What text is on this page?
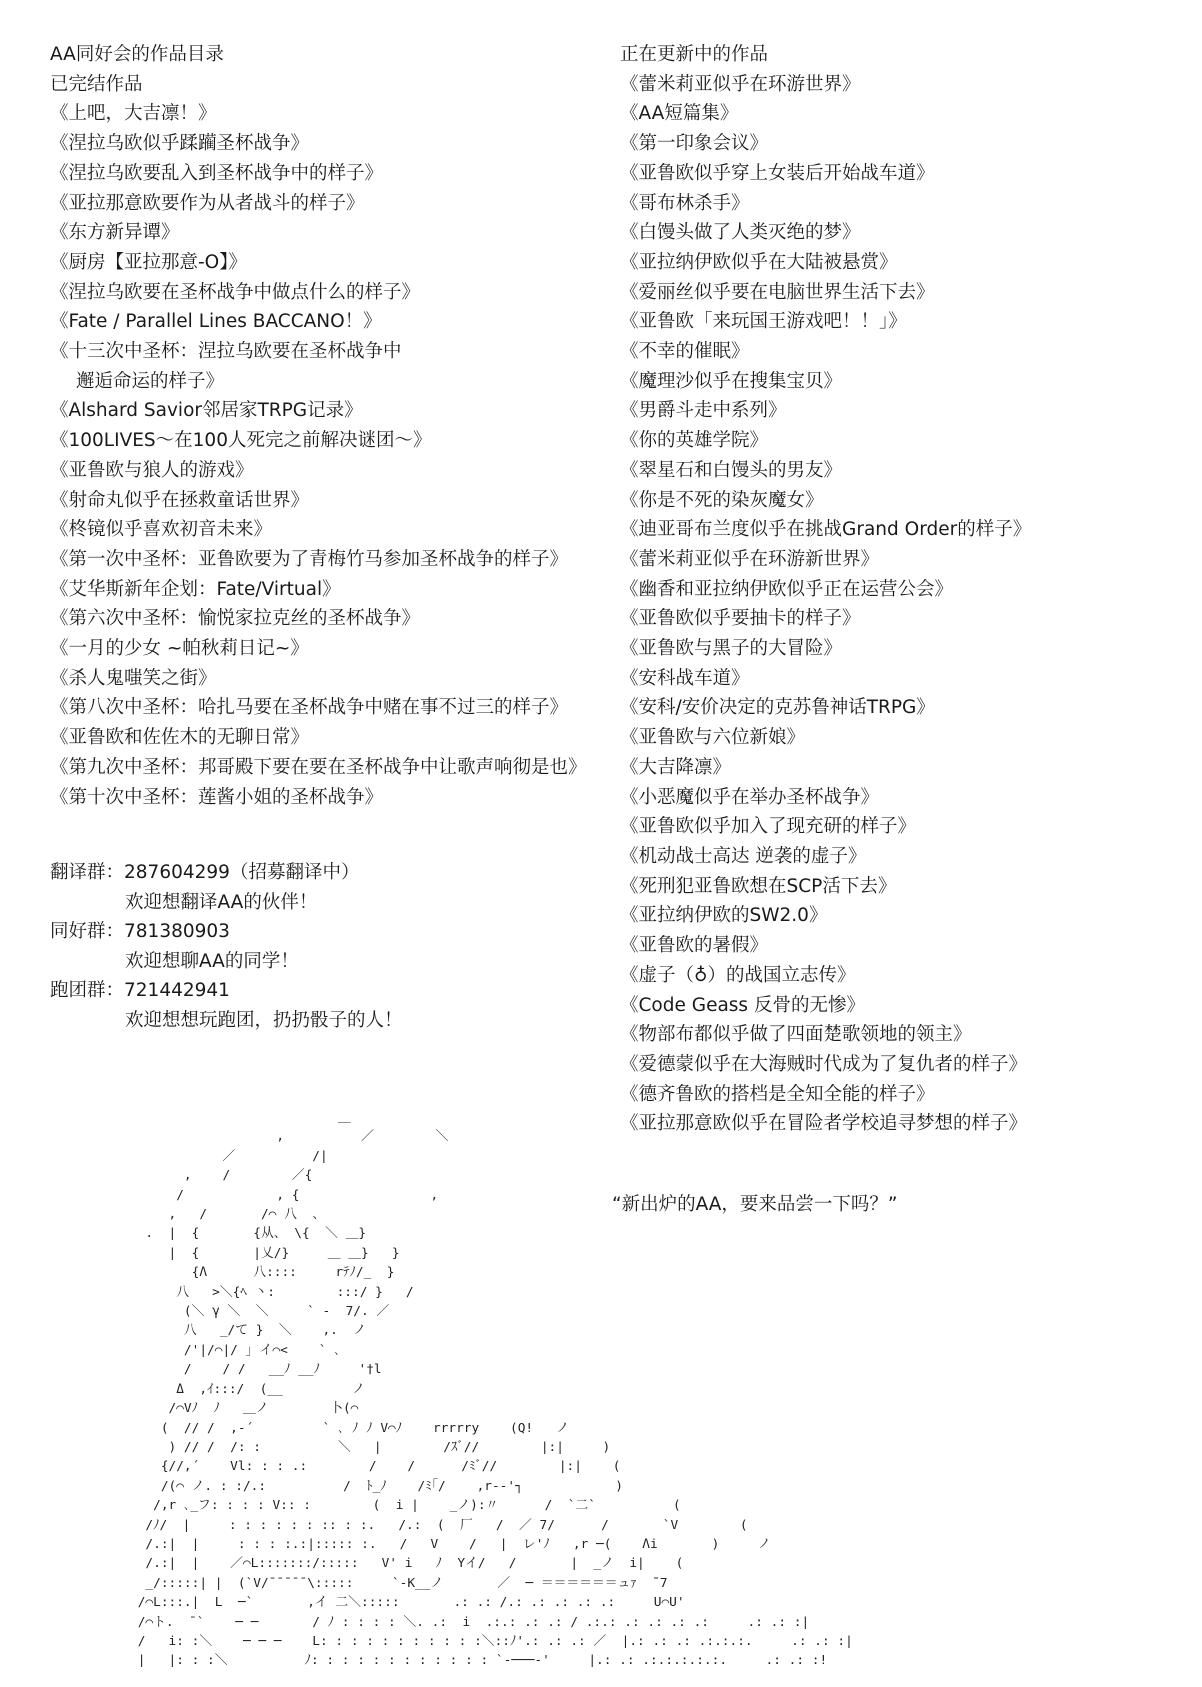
AA同好会的作品目录
已完结作品
《上吧，大吉凛！》
《涅拉乌欧似乎蹂躏圣杯战争》
《涅拉乌欧要乱入到圣杯战争中的样子》
《亚拉那意欧要作为从者战斗的样子》
《东方新异谭》
《厨房【亚拉那意-O】》
《涅拉乌欧要在圣杯战争中做点什么的样子》
《Fate / Parallel Lines BACCANO！》
《十三次中圣杯：涅拉乌欧要在圣杯战争中
邂逅命运的样子》
《Alshard Savior邻居家TRPG记录》
《100LIVES～在100人死完之前解决谜团～》
《亚鲁欧与狼人的游戏》
《射命丸似乎在拯救童话世界》
《柊镜似乎喜欢初音未来》
《第一次中圣杯：亚鲁欧要为了青梅竹马参加圣杯战争的样子》
《艾华斯新年企划：Fate/Virtual》
《第六次中圣杯：愉悦家拉克丝的圣杯战争》
《一月的少女 ~帕秋莉日记~》
《杀人鬼嗤笑之街》
《第八次中圣杯：哈扎马要在圣杯战争中赌在事不过三的样子》
《亚鲁欧和佐佐木的无聊日常》
《第九次中圣杯：邦哥殿下要在要在圣杯战争中让歌声响彻是也》
《第十次中圣杯：莲酱小姐的圣杯战争》
正在更新中的作品
《蕾米莉亚似乎在环游世界》
《AA短篇集》
《第一印象会议》
《亚鲁欧似乎穿上女装后开始战车道》
《哥布林杀手》
《白馒头做了人类灭绝的梦》
《亚拉纳伊欧似乎在大陆被悬赏》
《爱丽丝似乎要在电脑世界生活下去》
《亚鲁欧「来玩国王游戏吧！！」》
《不幸的催眠》
《魔理沙似乎在搜集宝贝》
《男爵斗走中系列》
《你的英雄学院》
《翠星石和白馒头的男友》
《你是不死的染灰魔女》
《迪亚哥布兰度似乎在挑战Grand Order的样子》
《蕾米莉亚似乎在环游新世界》
《幽香和亚拉纳伊欧似乎正在运营公会》
《亚鲁欧似乎要抽卡的样子》
《亚鲁欧与黑子的大冒险》
《安科战车道》
《安科/安价决定的克苏鲁神话TRPG》
《亚鲁欧与六位新娘》
《大吉降凛》
《小恶魔似乎在举办圣杯战争》
《亚鲁欧似乎加入了现充研的样子》
《机动战士高达 逆袭的虚子》
《死刑犯亚鲁欧想在SCP活下去》
《亚拉纳伊欧的SW2.0》
《亚鲁欧的暑假》
《虚子（♁）的战国立志传》
《Code Geass 反骨的无惨》
《物部布都似乎做了四面楚歌领地的领主》
《爱德蒙似乎在大海贼时代成为了复仇者的样子》
《德齐鲁欧的搭档是全知全能的样子》
《亚拉那意欧似乎在冒险者学校追寻梦想的样子》
翻译群：287604299（招募翻译中）
欢迎想翻译AA的伙伴！
同好群：781380903
欢迎想聊AA的同学！
跑团群：721442941
欢迎想想玩跑团，扔扔骰子的人！
“新出炉的AA，要来品尝一下吗？”
＿
,          ／        ＼
／          /|
,    /        ／{
/            , {                 ,
,   /       /⌒ 八  、
.  |  {       {从、 \{  ＼ ＿}
|  {       |乂/}     ＿ ＿}   }
{Λ      八::::     rﾃﾉ/_  }
八   >＼{ﾍ 丶:        :::/ }   /
(＼ γ ＼  ＼     ` ‐  7/. ／
八   _/て }  ＼    ,.  ノ
/'|/⌒|/ ｣ イ⌒<    ` ､
/    / /   __ﾉ __ﾉ     '†l
Δ  ,ｲ:::/  (__         ノ
/⌒Vﾉ  ﾉ   ＿ノ        卜(⌒
(  // /  ,‐´         ` ､ ﾉ ﾉ V⌒ﾉ    rrrrry    (Q!   ノ
) // /  /: :          ＼   |        /ｽﾞ//        |:|     )
{//,´    Vl: : : .:        /    /      /ﾐﾞ//        |:|    (
/(⌒ ノ. : :/.:          /  ﾄ_ﾉ    /ﾐ｢/    ,r‐‐'┐            )
/,r ､_フ: : : : V:: :        (  i |    _ノ):〃      /  `二`          (
/ﾉ/  |     : : : : : : :: : :.   /.:  (  厂   /  ／ 7/      /       `V        (
/.:|  |     : : : :.:|::::: :.   /   V    /   |  レ'ﾉ   ,r ─(    Λi       )     ノ
/.:|  |    ／⌒L:::::::/:::::   V' i   ﾉ  Yイ/   /       |  _ノ  i|    (
_/:::::| |  (`V/¯¯¯¯¯\:::::     `-K__ノ       ／  ─ ＝＝＝＝＝＝ュｧ  ̄¯7
/⌒L:::.|  L  ─`       ,イ 二＼:::::       .: .: /.: .: .: .: .:     U⌒U'
/⌒ト.  ¯`    ─ ─       / ﾉ : : : : ＼. .:  i  .:.: .: .: / .:.: .: .: .: .:     .: .: :|
/   i: :＼    ─ ─ ─    L: : : : : : : : : : :＼::ﾉ'.: .: .: ／  |.: .: .: .:.:.:.     .: .: :|
|   |: : :＼          ﾉ: : : : : : : : : : : : `‐───‐'     |.: .: .:.:.:.:.:.     .: .: :!
